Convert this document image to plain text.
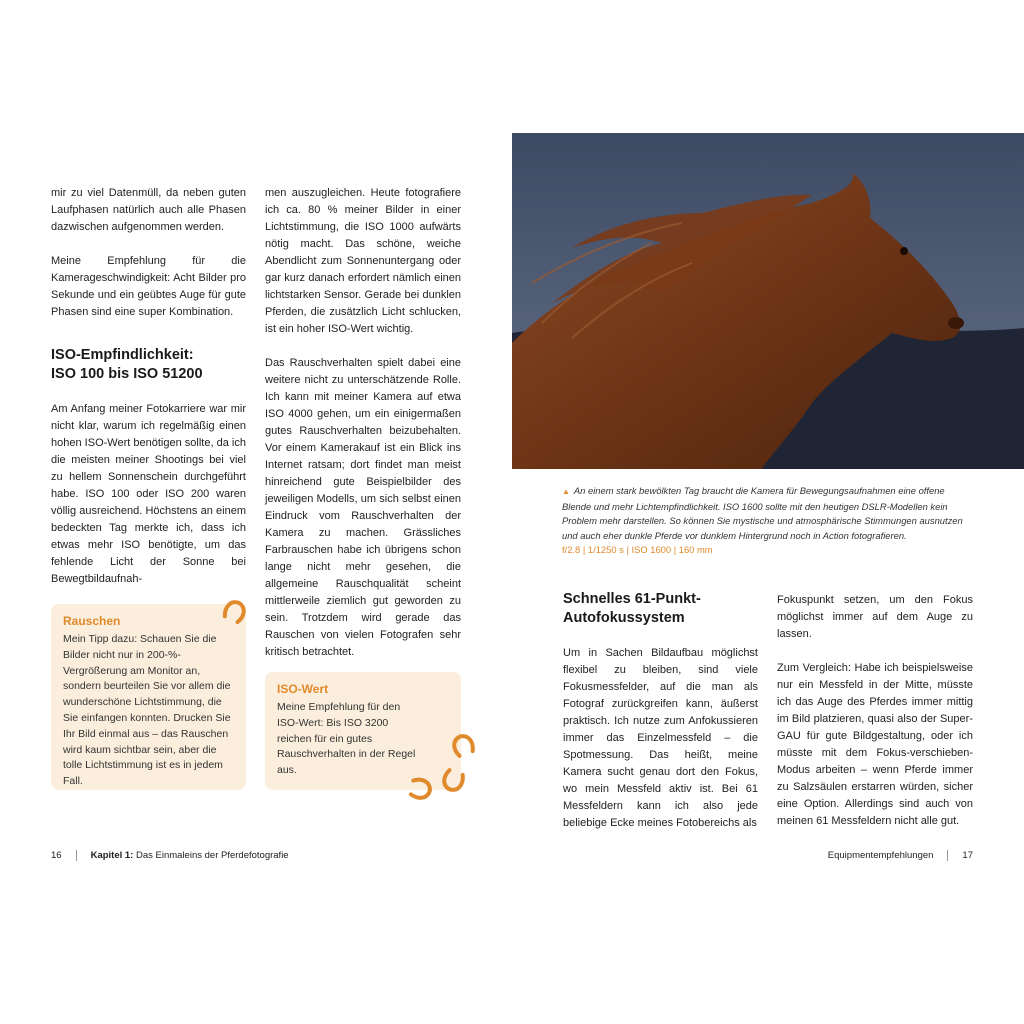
mir zu viel Datenmüll, da neben guten Laufphasen natürlich auch alle Phasen dazwischen aufgenommen werden.

Meine Empfehlung für die Kamerageschwindigkeit: Acht Bilder pro Sekunde und ein geübtes Auge für gute Phasen sind eine super Kombination.

ISO-Empfindlichkeit:
ISO 100 bis ISO 51200

Am Anfang meiner Fotokarriere war mir nicht klar, warum ich regelmäßig einen hohen ISO-Wert benötigen sollte, da ich die meisten meiner Shootings bei viel zu hellem Sonnenschein durchgeführt habe. ISO 100 oder ISO 200 waren völlig ausreichend. Höchstens an einem bedeckten Tag merkte ich, dass ich etwas mehr ISO benötigte, um das fehlende Licht der Sonne bei Bewegtbildaufnah-

men auszugleichen. Heute fotografiere ich ca. 80 % meiner Bilder in einer Lichtstimmung, die ISO 1000 aufwärts nötig macht. Das schöne, weiche Abendlicht zum Sonnenuntergang oder gar kurz danach erfordert nämlich einen lichtstarken Sensor. Gerade bei dunklen Pferden, die zusätzlich Licht schlucken, ist ein hoher ISO-Wert wichtig.

Das Rauschverhalten spielt dabei eine weitere nicht zu unterschätzende Rolle. Ich kann mit meiner Kamera auf etwa ISO 4000 gehen, um ein einigermaßen gutes Rauschverhalten beizubehalten. Vor einem Kamerakauf ist ein Blick ins Internet ratsam; dort findet man meist hinreichend gute Beispielbilder des jeweiligen Modells, um sich selbst einen Eindruck vom Rauschverhalten der Kamera zu machen. Grässliches Farbrauschen habe ich übrigens schon lange nicht mehr gesehen, die allgemeine Rauschqualität scheint mittlerweile ziemlich gut geworden zu sein. Trotzdem wird gerade das Rauschen von vielen Fotografen sehr kritisch betrachtet.

Rauschen
Mein Tipp dazu: Schauen Sie die Bilder nicht nur in 200-%-Vergrößerung am Monitor an, sondern beurteilen Sie vor allem die wunderschöne Lichtstimmung, die Sie einfangen konnten. Drucken Sie Ihr Bild einmal aus – das Rauschen wird kaum sichtbar sein, aber die tolle Lichtstimmung ist es in jedem Fall.
ISO-Wert
Meine Empfehlung für den ISO-Wert: Bis ISO 3200 reichen für ein gutes Rauschverhalten in der Regel aus.
▲ An einem stark bewölkten Tag braucht die Kamera für Bewegungsaufnahmen eine offene Blende und mehr Lichtempfindlichkeit. ISO 1600 sollte mit den heutigen DSLR-Modellen kein Problem mehr darstellen. So können Sie mystische und atmosphärische Stimmungen ausnutzen und auch eher dunkle Pferde vor dunklem Hintergrund noch in Action fotografieren.
f/2.8 | 1/1250 s | ISO 1600 | 160 mm
Schnelles 61-Punkt-
Autofokussystem

Um in Sachen Bildaufbau möglichst flexibel zu bleiben, sind viele Fokusmessfelder, auf die man als Fotograf zurückgreifen kann, äußerst praktisch. Ich nutze zum Anfokussieren immer das Einzelmessfeld – die Spotmessung. Das heißt, meine Kamera sucht genau dort den Fokus, wo mein Messfeld aktiv ist. Bei 61 Messfeldern kann ich also jede beliebige Ecke meines Fotobereichs als

Fokuspunkt setzen, um den Fokus möglichst immer auf dem Auge zu lassen.

Zum Vergleich: Habe ich beispielsweise nur ein Messfeld in der Mitte, müsste ich das Auge des Pferdes immer mittig im Bild platzieren, quasi also der Super-GAU für gute Bildgestaltung, oder ich müsste mit dem Fokus-verschieben-Modus arbeiten – wenn Pferde immer zu Salzsäulen erstarren würden, sicher eine Option. Allerdings sind auch von meinen 61 Messfeldern nicht alle gut.

16	Kapitel 1: Das Einmaleins der Pferdefotografie	Equipmentempfehlungen	17
